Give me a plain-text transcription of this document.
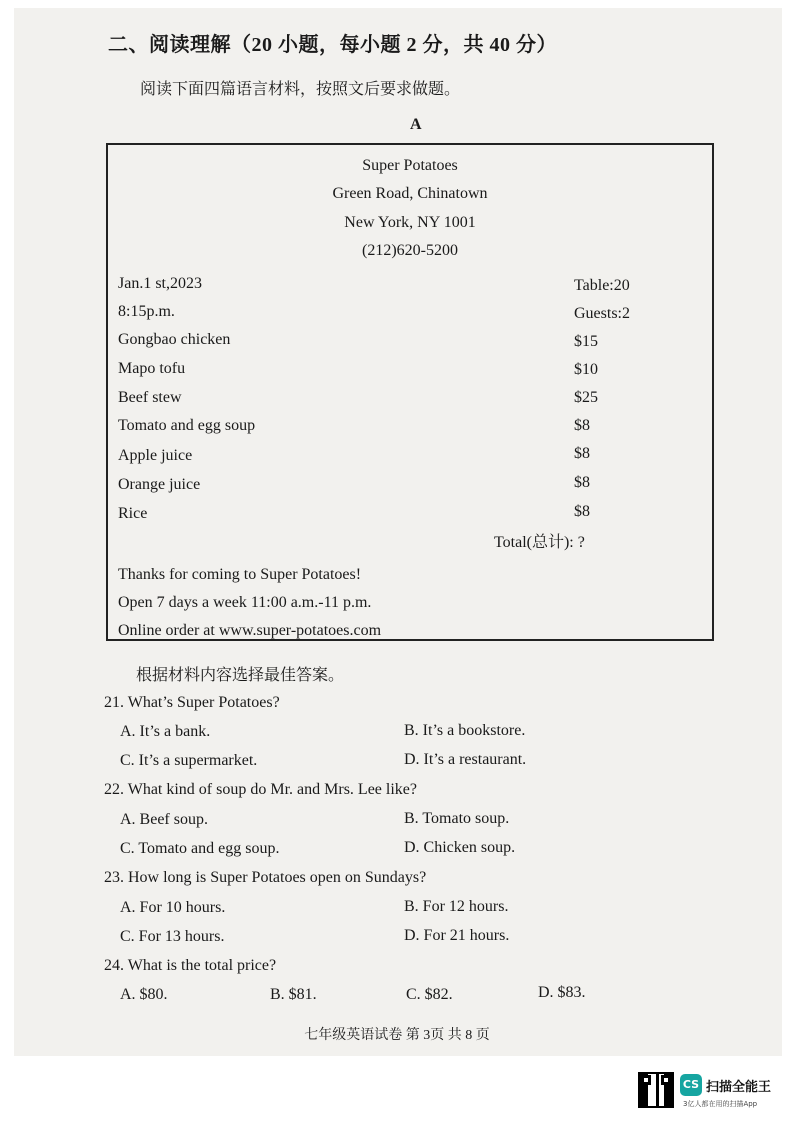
二、阅读理解（20 小题，每小题 2 分，共 40 分）
阅读下面四篇语言材料，按照文后要求做题。
A
Super Potatoes
Green Road, Chinatown
New York, NY 1001
(212)620-5200
Jan.1 st,2023	Table:20
8:15p.m.	Guests:2
Gongbao chicken	$15
Mapo tofu	$10
Beef stew	$25
Tomato and egg soup	$8
Apple juice	$8
Orange juice	$8
Rice	$8
Total(总计): ?
Thanks for coming to Super Potatoes!
Open 7 days a week 11:00 a.m.-11 p.m.
Online order at www.super-potatoes.com
根据材料内容选择最佳答案。
21. What’s Super Potatoes?
A. It’s a bank.	B. It’s a bookstore.
C. It’s a supermarket.	D. It’s a restaurant.
22. What kind of soup do Mr. and Mrs. Lee like?
A. Beef soup.	B. Tomato soup.
C. Tomato and egg soup.	D. Chicken soup.
23. How long is Super Potatoes open on Sundays?
A. For 10 hours.	B. For 12 hours.
C. For 13 hours.	D. For 21 hours.
24. What is the total price?
A. $80.	B. $81.	C. $82.	D. $83.
七年级英语试卷 第 3页 共 8 页
CS 扫描全能王
3亿人都在用的扫描App
